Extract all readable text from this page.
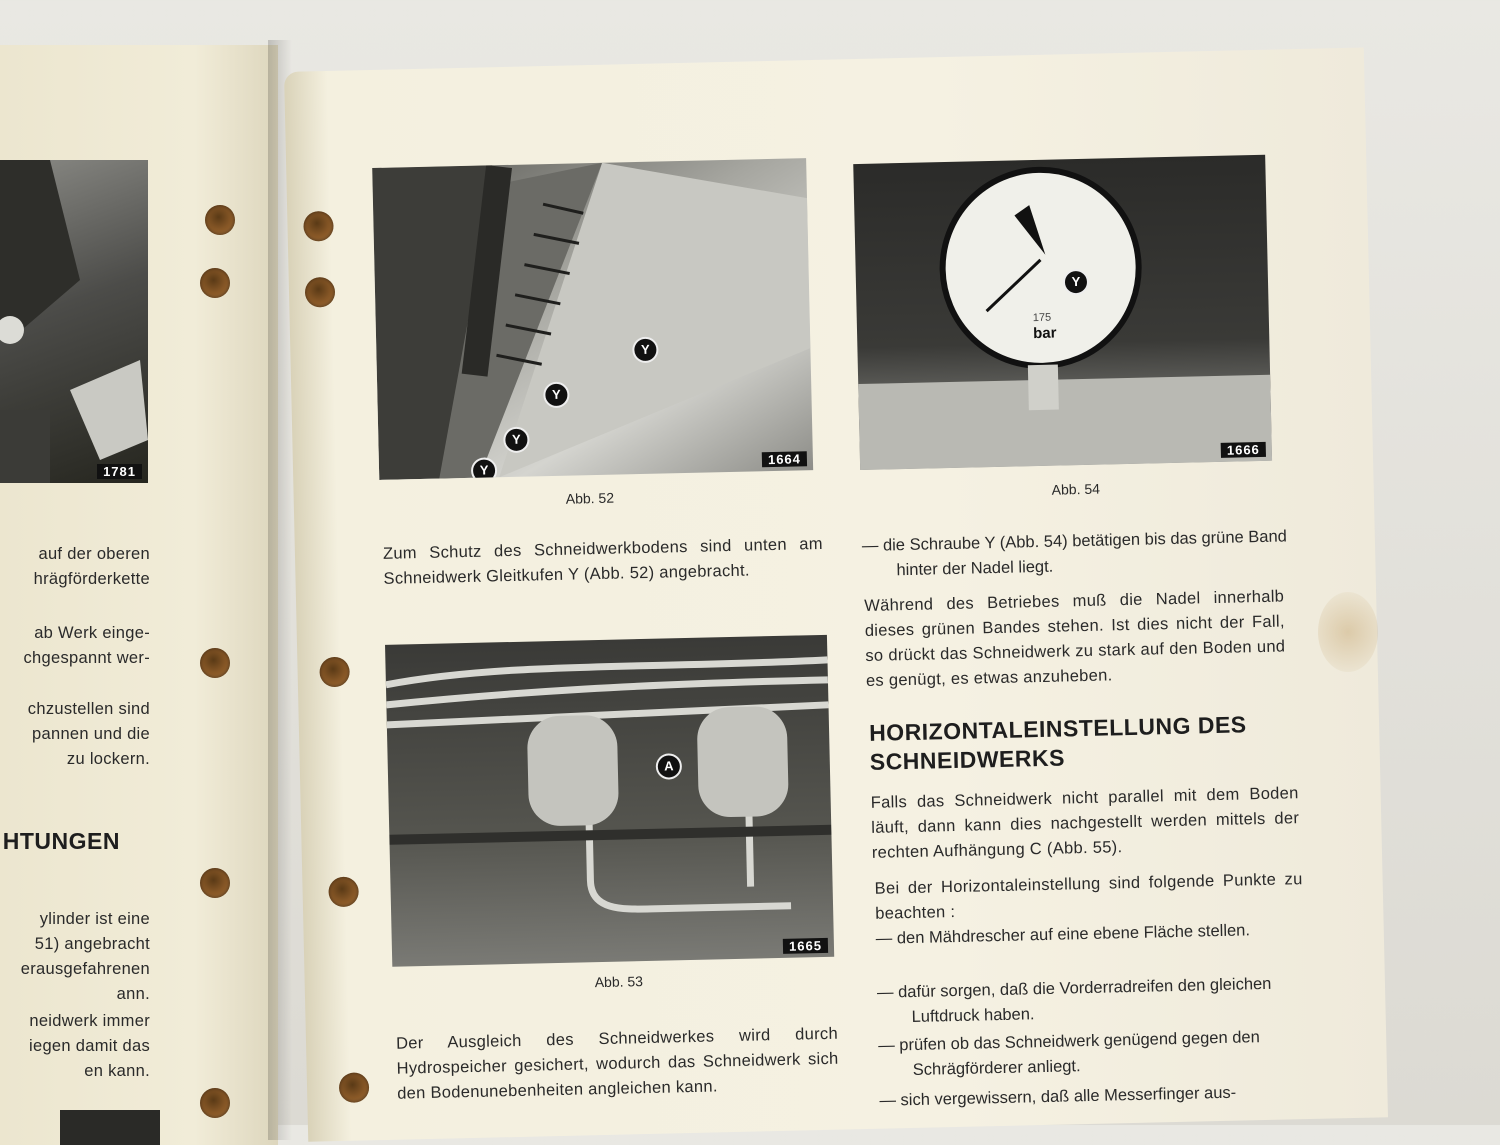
1781
auf der oberen
hrägförderkette
ab Werk einge-
chgespannt wer-
chzustellen sind
pannen und die
zu lockern.
HTUNGEN
ylinder ist eine
51) angebracht
erausgefahrenen
ann.
neidwerk immer
iegen damit das
en kann.
Y
Y
Y
Y
1664
Abb. 52
Y
175
bar
1666
Abb. 54

Zum Schutz des Schneidwerkbodens sind unten am Schneidwerk Gleitkufen Y (Abb. 52) angebracht.

A
1665
Abb. 53

Der Ausgleich des Schneidwerkes wird durch Hydrospeicher gesichert, wodurch das Schneidwerk sich den Bodenunebenheiten angleichen kann.

— die Schraube Y (Abb. 54) betätigen bis das grüne Band hinter der Nadel liegt.

Während des Betriebes muß die Nadel innerhalb dieses grünen Bandes stehen. Ist dies nicht der Fall, so drückt das Schneidwerk zu stark auf den Boden und es genügt, es etwas anzuheben.

HORIZONTALEINSTELLUNG DES
SCHNEIDWERKS

Falls das Schneidwerk nicht parallel mit dem Boden läuft, dann kann dies nachgestellt werden mittels der rechten Aufhängung C (Abb. 55).

Bei der Horizontaleinstellung sind folgende Punkte zu beachten :

— den Mähdrescher auf eine ebene Fläche stellen.
— dafür sorgen, daß die Vorderradreifen den gleichen Luftdruck haben.
— prüfen ob das Schneidwerk genügend gegen den Schrägförderer anliegt.
— sich vergewissern, daß alle Messerfinger aus-
